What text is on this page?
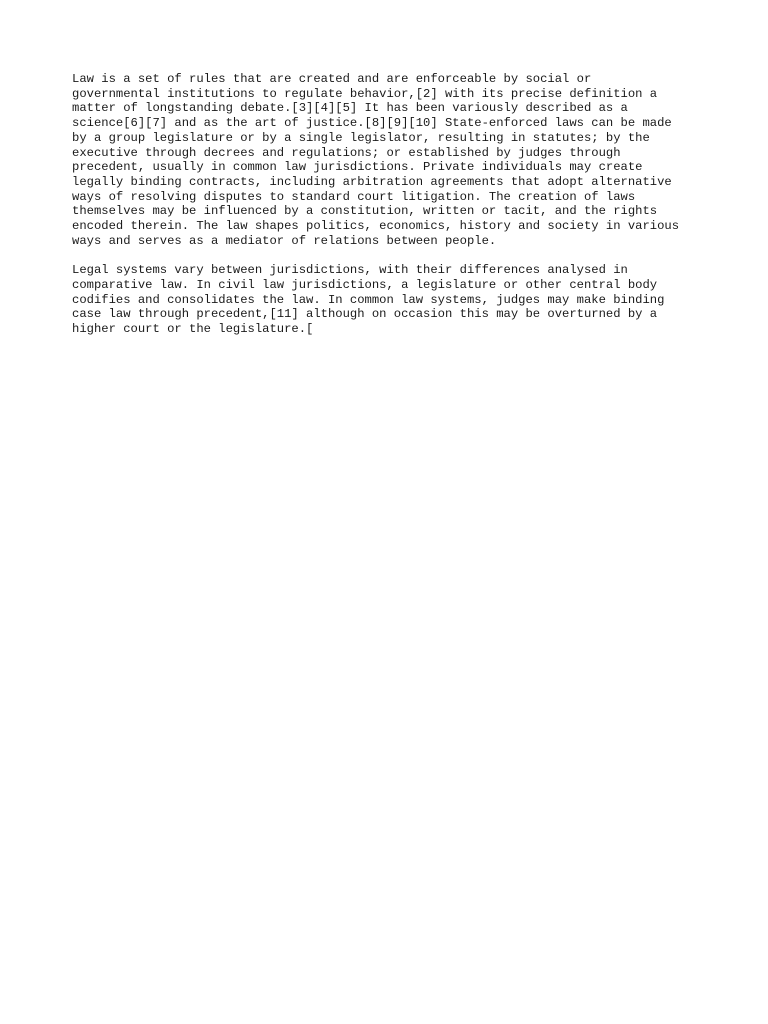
Law is a set of rules that are created and are enforceable by social or
governmental institutions to regulate behavior,[2] with its precise definition a
matter of longstanding debate.[3][4][5] It has been variously described as a
science[6][7] and as the art of justice.[8][9][10] State-enforced laws can be made
by a group legislature or by a single legislator, resulting in statutes; by the
executive through decrees and regulations; or established by judges through
precedent, usually in common law jurisdictions. Private individuals may create
legally binding contracts, including arbitration agreements that adopt alternative
ways of resolving disputes to standard court litigation. The creation of laws
themselves may be influenced by a constitution, written or tacit, and the rights
encoded therein. The law shapes politics, economics, history and society in various
ways and serves as a mediator of relations between people.
Legal systems vary between jurisdictions, with their differences analysed in
comparative law. In civil law jurisdictions, a legislature or other central body
codifies and consolidates the law. In common law systems, judges may make binding
case law through precedent,[11] although on occasion this may be overturned by a
higher court or the legislature.[
